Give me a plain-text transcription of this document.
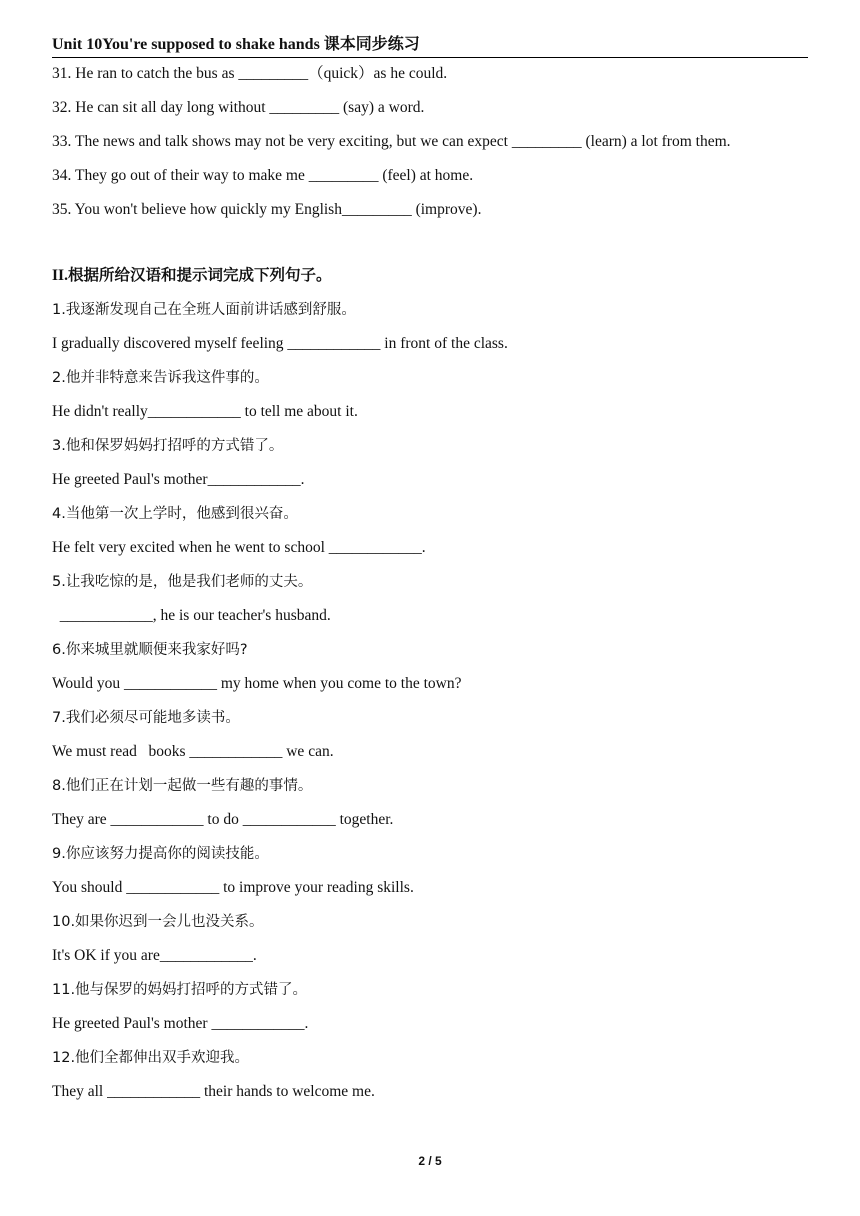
Unit 10You're supposed to shake hands 课本同步练习
31. He ran to catch the bus as _________（quick）as he could.
32. He can sit all day long without _________ (say) a word.
33. The news and talk shows may not be very exciting, but we can expect _________ (learn) a lot from them.
34. They go out of their way to make me _________ (feel) at home.
35. You won't believe how quickly my English_________ (improve).
II.根据所给汉语和提示词完成下列句子。
1.我逐渐发现自己在全班人面前讲话感到舒服。
I gradually discovered myself feeling ____________ in front of the class.
2.他并非特意来告诉我这件事的。
He didn't really____________ to tell me about it.
3.他和保罗妈妈打招呼的方式错了。
He greeted Paul's mother____________.
4.当他第一次上学时，他感到很兴奋。
He felt very excited when he went to school ____________.
5.让我吃惊的是，他是我们老师的丈夫。
____________, he is our teacher's husband.
6.你来城里就顺便来我家好吗?
Would you ____________ my home when you come to the town?
7.我们必须尽可能地多读书。
We must read   books ____________ we can.
8.他们正在计划一起做一些有趣的事情。
They are ____________ to do ____________ together.
9.你应该努力提高你的阅读技能。
You should ____________ to improve your reading skills.
10.如果你迟到一会儿也没关系。
It's OK if you are____________.
11.他与保罗的妈妈打招呼的方式错了。
He greeted Paul's mother ____________.
12.他们全都伸出双手欢迎我。
They all ____________ their hands to welcome me.
2 / 5
